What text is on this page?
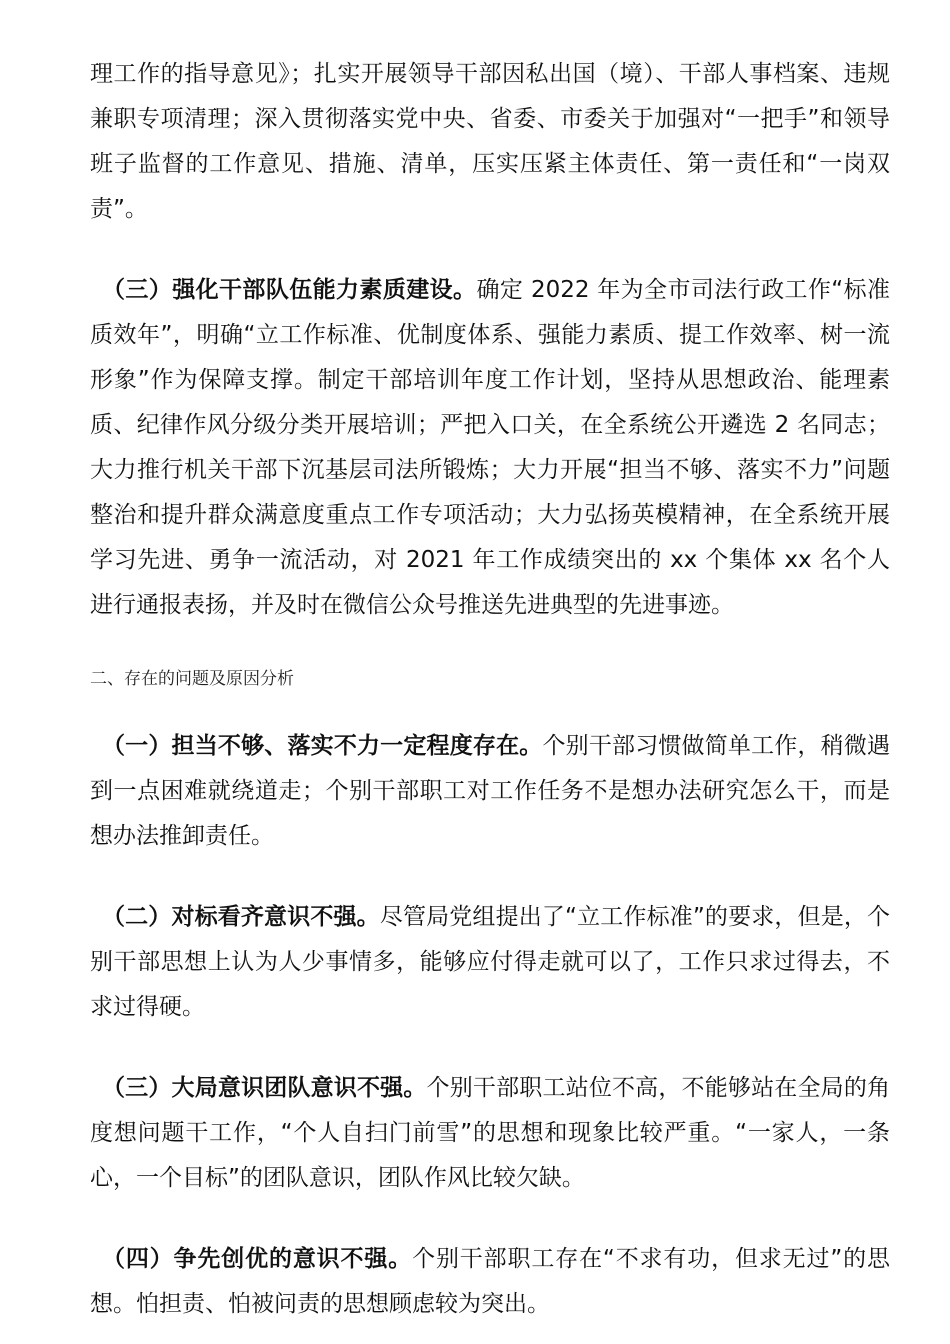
理工作的指导意见》；扎实开展领导干部因私出国（境）、干部人事档案、违规兼职专项清理；深入贯彻落实党中央、省委、市委关于加强对“一把手”和领导班子监督的工作意见、措施、清单，压实压紧主体责任、第一责任和“一岗双责”。

（三）强化干部队伍能力素质建设。确定 2022 年为全市司法行政工作“标准质效年”，明确“立工作标准、优制度体系、强能力素质、提工作效率、树一流形象”作为保障支撑。制定干部培训年度工作计划，坚持从思想政治、能理素质、纪律作风分级分类开展培训；严把入口关，在全系统公开遴选 2 名同志；大力推行机关干部下沉基层司法所锻炼；大力开展“担当不够、落实不力”问题整治和提升群众满意度重点工作专项活动；大力弘扬英模精神，在全系统开展学习先进、勇争一流活动，对 2021 年工作成绩突出的 xx 个集体 xx 名个人进行通报表扬，并及时在微信公众号推送先进典型的先进事迹。

二、存在的问题及原因分析

（一）担当不够、落实不力一定程度存在。个别干部习惯做简单工作，稍微遇到一点困难就绕道走；个别干部职工对工作任务不是想办法研究怎么干，而是想办法推卸责任。

（二）对标看齐意识不强。尽管局党组提出了“立工作标准”的要求，但是，个别干部思想上认为人少事情多，能够应付得走就可以了，工作只求过得去，不求过得硬。

（三）大局意识团队意识不强。个别干部职工站位不高，不能够站在全局的角度想问题干工作，“个人自扫门前雪”的思想和现象比较严重。“一家人，一条心，一个目标”的团队意识，团队作风比较欠缺。

（四）争先创优的意识不强。个别干部职工存在“不求有功，但求无过”的思想。怕担责、怕被问责的思想顾虑较为突出。
